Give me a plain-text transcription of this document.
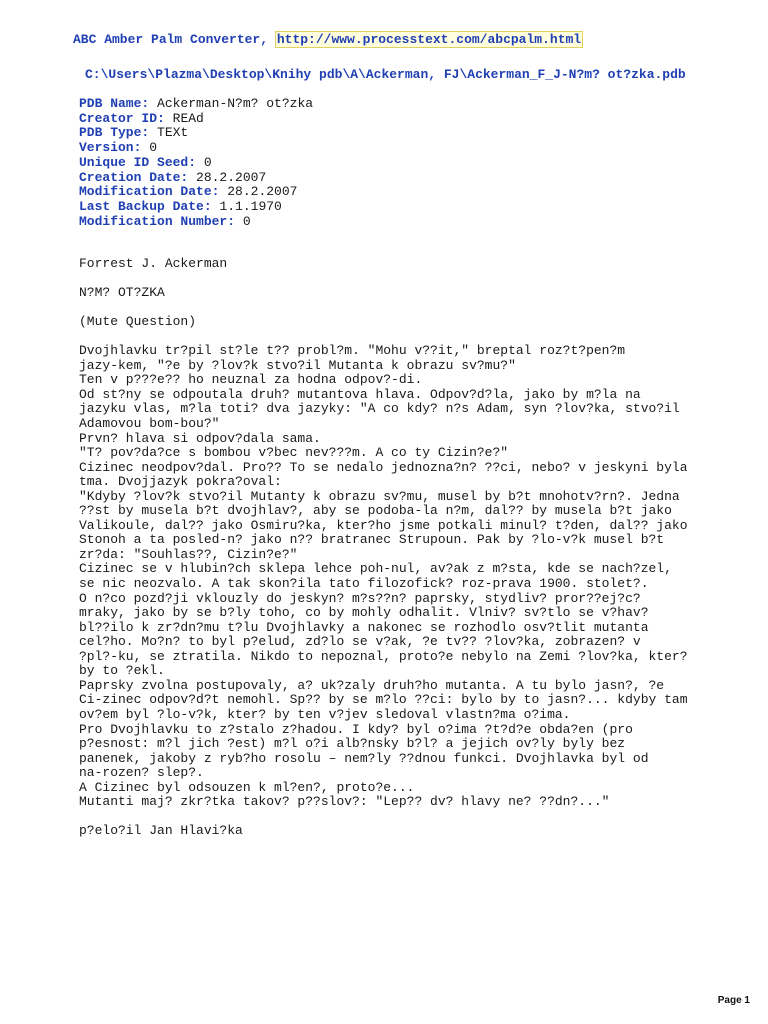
ABC Amber Palm Converter, http://www.processtext.com/abcpalm.html
C:\Users\Plazma\Desktop\Knihy pdb\A\Ackerman, FJ\Ackerman_F_J-N?m? ot?zka.pdb
PDB Name: Ackerman-N?m? ot?zka
Creator ID: REAd
PDB Type: TEXt
Version: 0
Unique ID Seed: 0
Creation Date: 28.2.2007
Modification Date: 28.2.2007
Last Backup Date: 1.1.1970
Modification Number: 0
Forrest J. Ackerman
N?M? OT?ZKA
(Mute Question)
Dvojhlavku tr?pil st?le t?? probl?m. "Mohu v??it," breptal roz?t?pen?m
jazy-kem, "?e by ?lov?k stvo?il Mutanta k obrazu sv?mu?"
Ten v p???e?? ho neuznal za hodna odpov?-di.
Od st?ny se odpoutala druh? mutantova hlava. Odpov?d?la, jako by m?la na
jazyku vlas, m?la toti? dva jazyky: "A co kdy? n?s Adam, syn ?lov?ka, stvo?il
Adamovou bom-bou?"
Prvn? hlava si odpov?dala sama.
"T? pov?da?ce s bombou v?bec nev???m. A co ty Cizin?e?"
Cizinec neodpov?dal. Pro?? To se nedalo jednozna?n? ??ci, nebo? v jeskyni byla
tma. Dvojjazyk pokra?oval:
"Kdyby ?lov?k stvo?il Mutanty k obrazu sv?mu, musel by b?t mnohotv?rn?. Jedna
??st by musela b?t dvojhlav?, aby se podoba-la n?m, dal?? by musela b?t jako
Valikoule, dal?? jako Osmiru?ka, kter?ho jsme potkali minul? t?den, dal?? jako
Stonoh a ta posled-n? jako n?? bratranec Strupoun. Pak by ?lo-v?k musel b?t
zr?da: "Souhlas??, Cizin?e?"
Cizinec se v hlubin?ch sklepa lehce poh-nul, av?ak z m?sta, kde se nach?zel,
se nic neozvalo. A tak skon?ila tato filozofick? roz-prava 1900. stolet?.
O n?co pozd?ji vklouzly do jeskyn? m?s??n? paprsky, stydliv? pror??ej?c?
mraky, jako by se b?ly toho, co by mohly odhalit. Vlniv? sv?tlo se v?hav?
bl??ilo k zr?dn?mu t?lu Dvojhlavky a nakonec se rozhodlo osv?tlit mutanta
cel?ho. Mo?n? to byl p?elud, zd?lo se v?ak, ?e tv?? ?lov?ka, zobrazen? v
?pl?-ku, se ztratila. Nikdo to nepoznal, proto?e nebylo na Zemi ?lov?ka, kter?
by to ?ekl.
Paprsky zvolna postupovaly, a? uk?zaly druh?ho mutanta. A tu bylo jasn?, ?e
Ci-zinec odpov?d?t nemohl. Sp?? by se m?lo ??ci: bylo by to jasn?... kdyby tam
ov?em byl ?lo-v?k, kter? by ten v?jev sledoval vlastn?ma o?ima.
Pro Dvojhlavku to z?stalo z?hadou. I kdy? byl o?ima ?t?d?e obda?en (pro
p?esnost: m?l jich ?est) m?l o?i alb?nsky b?l? a jejich ov?ly byly bez
panenek, jakoby z ryb?ho rosolu – nem?ly ??dnou funkci. Dvojhlavka byl od
na-rozen? slep?.
A Cizinec byl odsouzen k ml?en?, proto?e...
Mutanti maj? zkr?tka takov? p??slov?: "Lep?? dv? hlavy ne? ??dn?..."
p?elo?il Jan Hlavi?ka
Page 1
